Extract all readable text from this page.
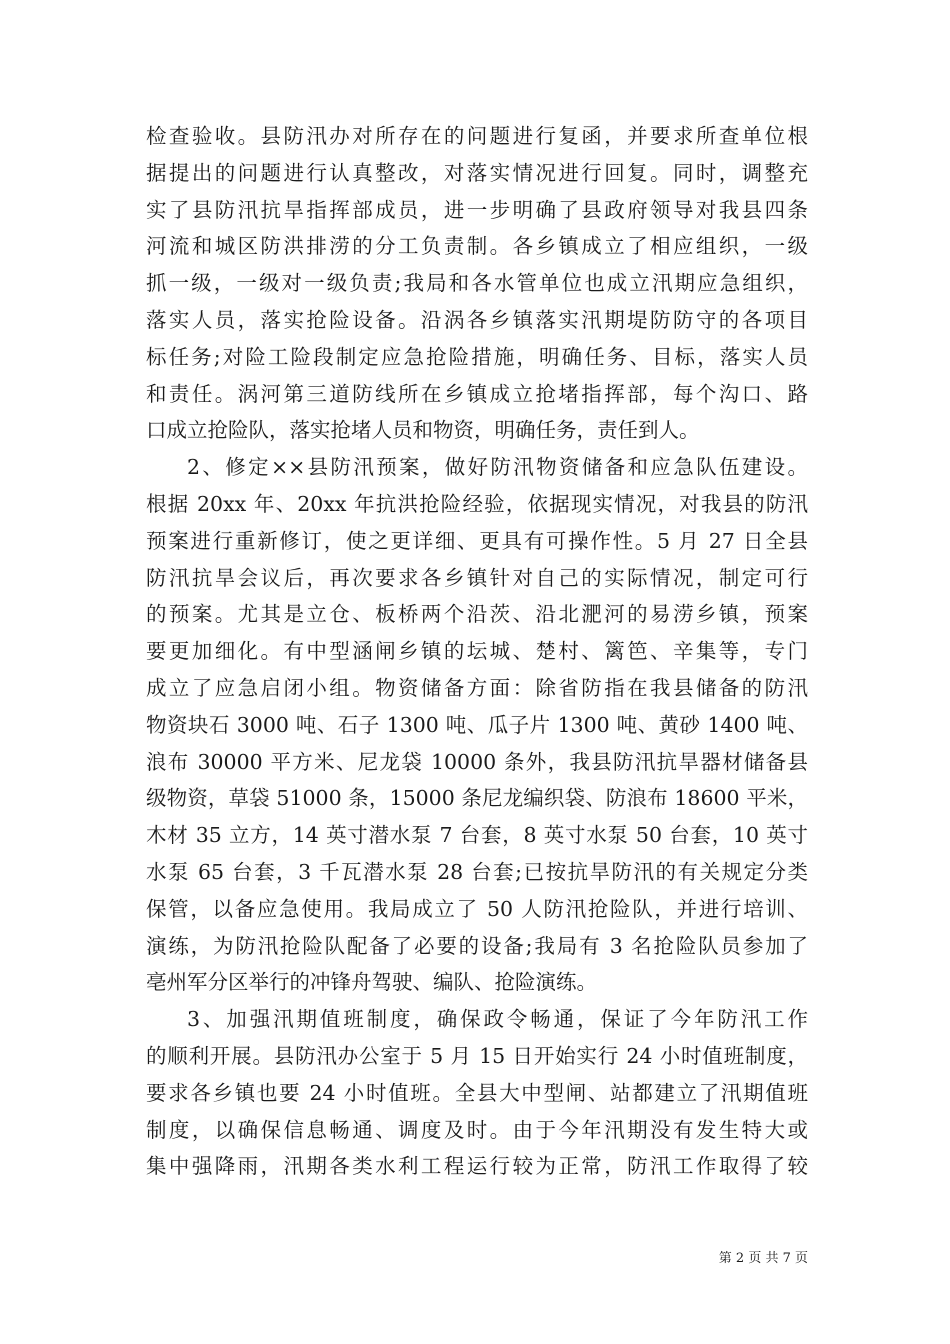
检查验收。县防汛办对所存在的问题进行复函，并要求所查单位根
据提出的问题进行认真整改，对落实情况进行回复。同时，调整充
实了县防汛抗旱指挥部成员，进一步明确了县政府领导对我县四条
河流和城区防洪排涝的分工负责制。各乡镇成立了相应组织，一级
抓一级，一级对一级负责;我局和各水管单位也成立汛期应急组织，
落实人员，落实抢险设备。沿涡各乡镇落实汛期堤防防守的各项目
标任务;对险工险段制定应急抢险措施，明确任务、目标，落实人员
和责任。涡河第三道防线所在乡镇成立抢堵指挥部，每个沟口、路
口成立抢险队，落实抢堵人员和物资，明确任务，责任到人。
2、修定××县防汛预案，做好防汛物资储备和应急队伍建设。
根据 20xx 年、20xx 年抗洪抢险经验，依据现实情况，对我县的防汛
预案进行重新修订，使之更详细、更具有可操作性。5 月 27 日全县
防汛抗旱会议后，再次要求各乡镇针对自己的实际情况，制定可行
的预案。尤其是立仓、板桥两个沿茨、沿北淝河的易涝乡镇，预案
要更加细化。有中型涵闸乡镇的坛城、楚村、篱笆、辛集等，专门
成立了应急启闭小组。物资储备方面：除省防指在我县储备的防汛
物资块石 3000 吨、石子 1300 吨、瓜子片 1300 吨、黄砂 1400 吨、
浪布 30000 平方米、尼龙袋 10000 条外，我县防汛抗旱器材储备县
级物资，草袋 51000 条，15000 条尼龙编织袋、防浪布 18600 平米，
木材 35 立方，14 英寸潜水泵 7 台套，8 英寸水泵 50 台套，10 英寸
水泵 65 台套，3 千瓦潜水泵 28 台套;已按抗旱防汛的有关规定分类
保管，以备应急使用。我局成立了 50 人防汛抢险队，并进行培训、
演练，为防汛抢险队配备了必要的设备;我局有 3 名抢险队员参加了
亳州军分区举行的冲锋舟驾驶、编队、抢险演练。
3、加强汛期值班制度，确保政令畅通，保证了今年防汛工作
的顺利开展。县防汛办公室于 5 月 15 日开始实行 24 小时值班制度，
要求各乡镇也要 24 小时值班。全县大中型闸、站都建立了汛期值班
制度，以确保信息畅通、调度及时。由于今年汛期没有发生特大或
集中强降雨，汛期各类水利工程运行较为正常，防汛工作取得了较
第 2 页 共 7 页
